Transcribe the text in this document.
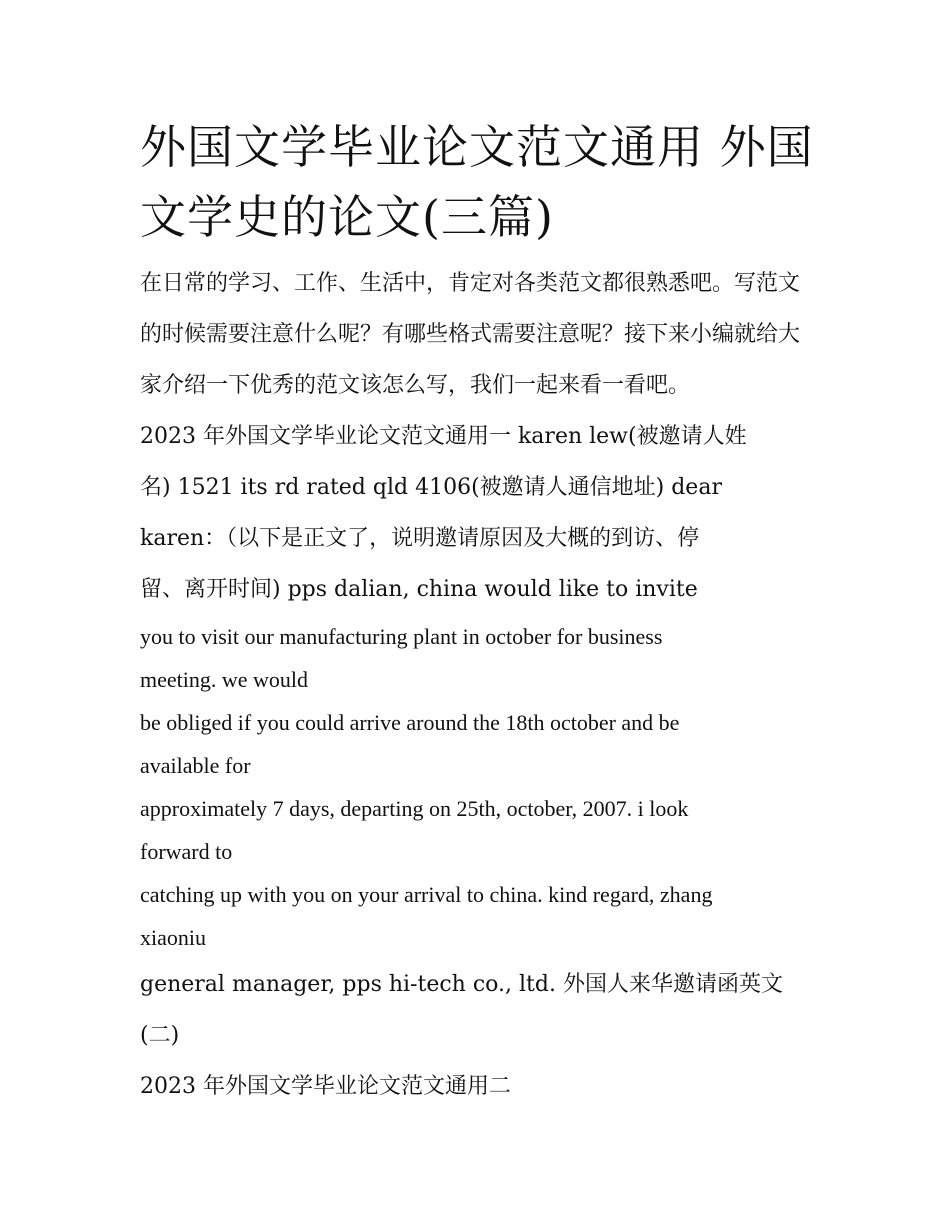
外国文学毕业论文范文通用 外国文学史的论文(三篇)

在日常的学习、工作、生活中，肯定对各类范文都很熟悉吧。写范文的时候需要注意什么呢？有哪些格式需要注意呢？接下来小编就给大家介绍一下优秀的范文该怎么写，我们一起来看一看吧。

2023 年外国文学毕业论文范文通用一 karen lew(被邀请人姓

名) 1521 its rd rated qld 4106(被邀请人通信地址) dear

karen：（以下是正文了，说明邀请原因及大概的到访、停

留、离开时间) pps dalian, china would like to invite

you to visit our manufacturing plant in october for business

meeting. we would

be obliged if you could arrive around the 18th october and be

available for

approximately 7 days, departing on 25th, october, 2007. i look

forward to

catching up with you on your arrival to china. kind regard, zhang

xiaoniu

general manager, pps hi-tech co., ltd. 外国人来华邀请函英文(二)

2023 年外国文学毕业论文范文通用二
